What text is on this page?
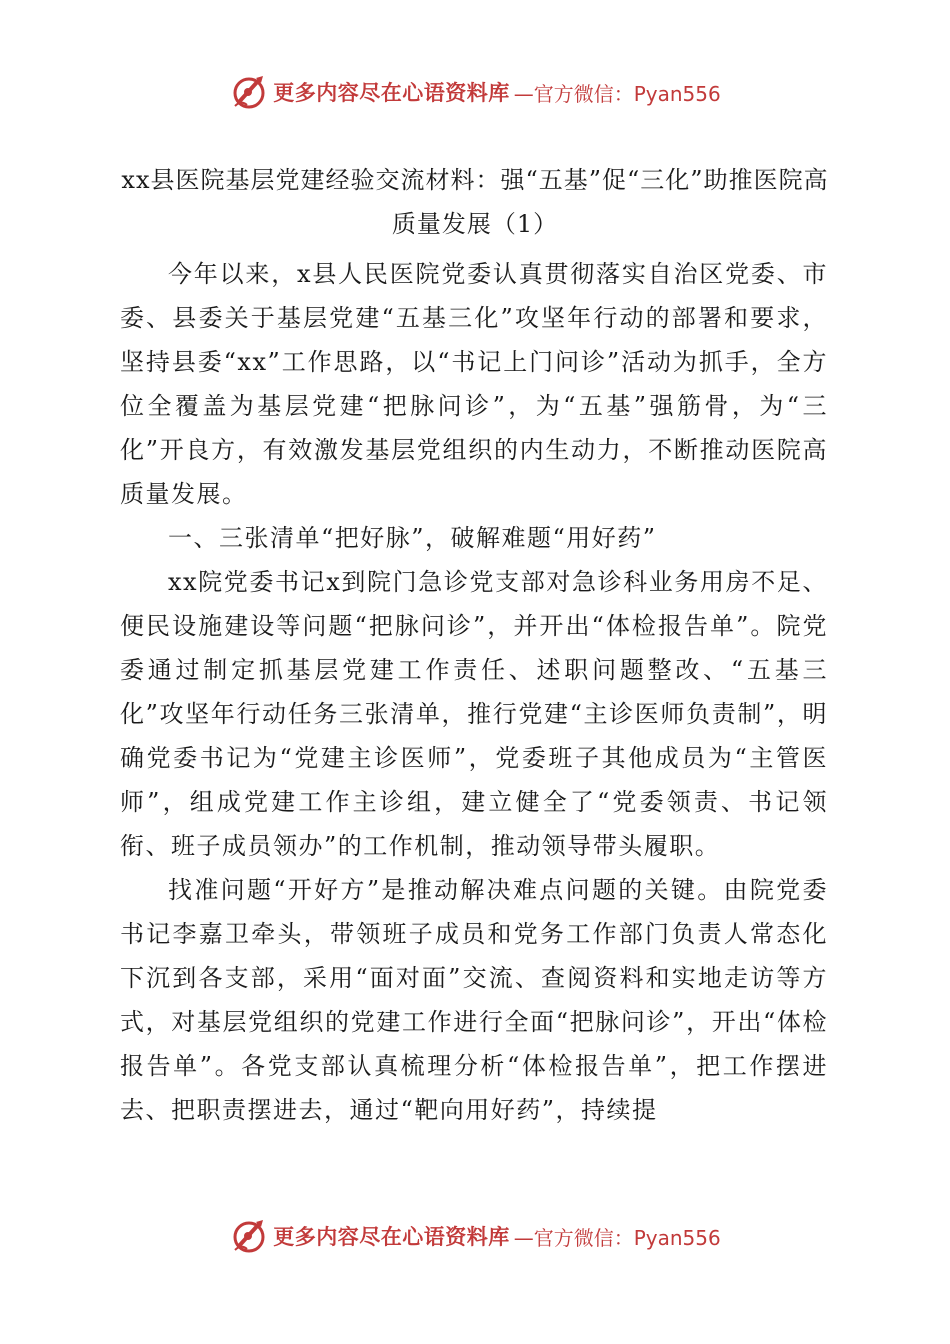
更多内容尽在心语资料库 —官方微信：Pyan556
xx县医院基层党建经验交流材料：强“五基”促“三化”助推医院高质量发展（1）

今年以来，x县人民医院党委认真贯彻落实自治区党委、市委、县委关于基层党建“五基三化”攻坚年行动的部署和要求，坚持县委“xx”工作思路，以“书记上门问诊”活动为抓手，全方位全覆盖为基层党建“把脉问诊”，为“五基”强筋骨，为“三化”开良方，有效激发基层党组织的内生动力，不断推动医院高质量发展。

一、三张清单“把好脉”，破解难题“用好药”

xx院党委书记x到院门急诊党支部对急诊科业务用房不足、便民设施建设等问题“把脉问诊”，并开出“体检报告单”。院党委通过制定抓基层党建工作责任、述职问题整改、“五基三化”攻坚年行动任务三张清单，推行党建“主诊医师负责制”，明确党委书记为“党建主诊医师”，党委班子其他成员为“主管医师”，组成党建工作主诊组，建立健全了“党委领责、书记领衔、班子成员领办”的工作机制，推动领导带头履职。

找准问题“开好方”是推动解决难点问题的关键。由院党委书记李嘉卫牵头，带领班子成员和党务工作部门负责人常态化下沉到各支部，采用“面对面”交流、查阅资料和实地走访等方式，对基层党组织的党建工作进行全面“把脉问诊”，开出“体检报告单”。各党支部认真梳理分析“体检报告单”，把工作摆进去、把职责摆进去，通过“靶向用好药”，持续提

更多内容尽在心语资料库 —官方微信：Pyan556
